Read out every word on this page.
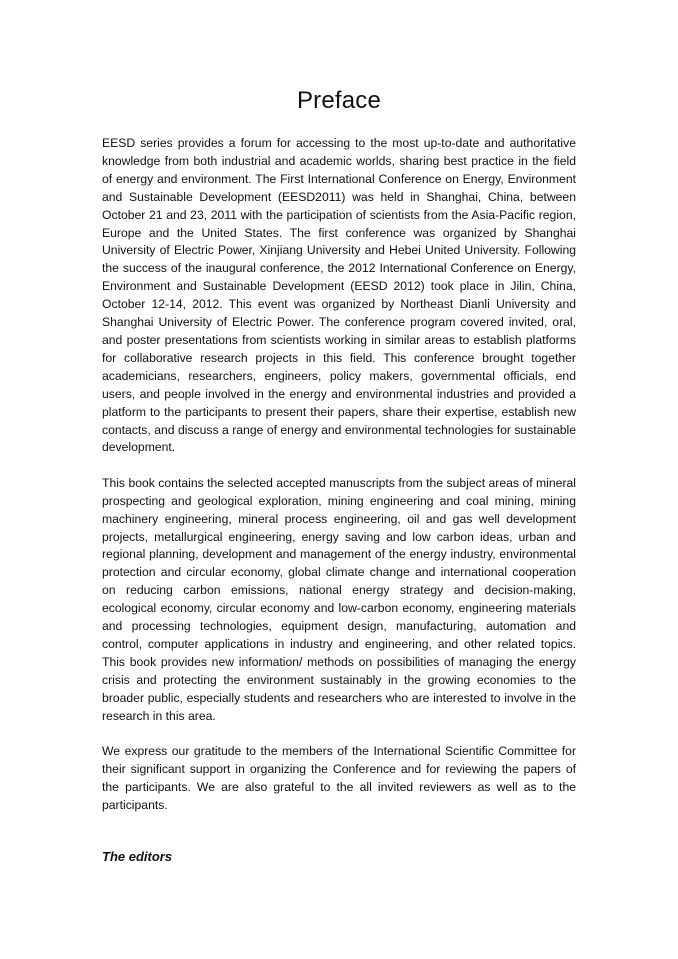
Preface

EESD series provides a forum for accessing to the most up-to-date and authoritative knowledge from both industrial and academic worlds, sharing best practice in the field of energy and environment. The First International Conference on Energy, Environment and Sustainable Development (EESD2011) was held in Shanghai, China, between October 21 and 23, 2011 with the participation of scientists from the Asia-Pacific region, Europe and the United States. The first conference was organized by Shanghai University of Electric Power, Xinjiang University and Hebei United University. Following the success of the inaugural conference, the 2012 International Conference on Energy, Environment and Sustainable Development (EESD 2012) took place in Jilin, China, October 12-14, 2012. This event was organized by Northeast Dianli University and Shanghai University of Electric Power. The conference program covered invited, oral, and poster presentations from scientists working in similar areas to establish platforms for collaborative research projects in this field. This conference brought together academicians, researchers, engineers, policy makers, governmental officials, end users, and people involved in the energy and environmental industries and provided a platform to the participants to present their papers, share their expertise, establish new contacts, and discuss a range of energy and environmental technologies for sustainable development.

This book contains the selected accepted manuscripts from the subject areas of mineral prospecting and geological exploration, mining engineering and coal mining, mining machinery engineering, mineral process engineering, oil and gas well development projects, metallurgical engineering, energy saving and low carbon ideas, urban and regional planning, development and management of the energy industry, environmental protection and circular economy, global climate change and international cooperation on reducing carbon emissions, national energy strategy and decision-making, ecological economy, circular economy and low-carbon economy, engineering materials and processing technologies, equipment design, manufacturing, automation and control, computer applications in industry and engineering, and other related topics. This book provides new information/ methods on possibilities of managing the energy crisis and protecting the environment sustainably in the growing economies to the broader public, especially students and researchers who are interested to involve in the research in this area.

We express our gratitude to the members of the International Scientific Committee for their significant support in organizing the Conference and for reviewing the papers of the participants. We are also grateful to the all invited reviewers as well as to the participants.

The editors
